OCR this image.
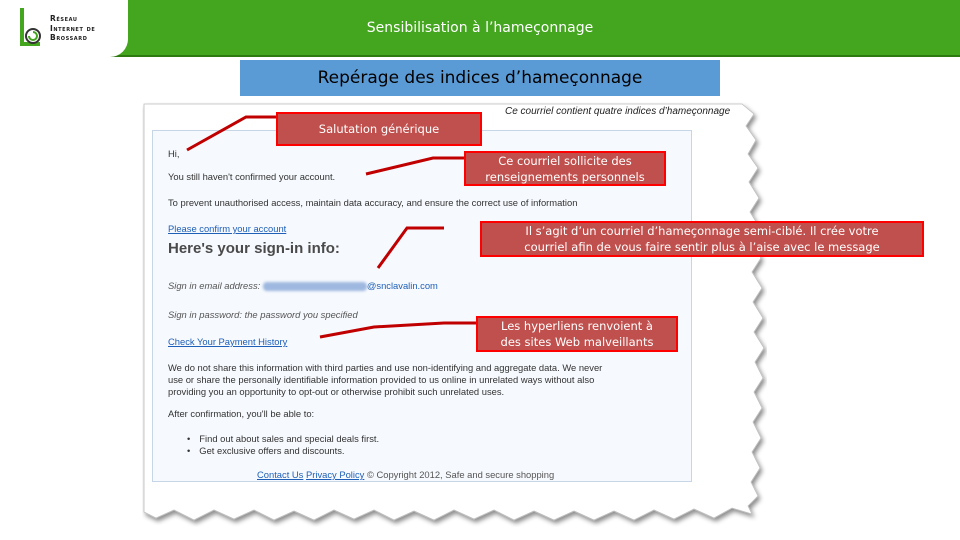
Réseau
Internet de
Brossard
Sensibilisation à l’hameçonnage
Repérage des indices d’hameçonnage
Ce courriel contient quatre indices d’hameçonnage
Hi,
You still haven't confirmed your account.
To prevent unauthorised access, maintain data accuracy, and ensure the correct use of information
Please confirm your account
Here's your sign-in info:
Sign in email address:	@snclavalin.com
Sign in password: the password you specified
Check Your Payment History
We do not share this information with third parties and use non-identifying and aggregate data. We never
use or share the personally identifiable information provided to us online in unrelated ways without also
providing you an opportunity to opt-out or otherwise prohibit such unrelated uses.
After confirmation, you'll be able to:
• Find out about sales and special deals first.
• Get exclusive offers and discounts.
Contact Us Privacy Policy © Copyright 2012, Safe and secure shopping
Salutation générique
Ce courriel sollicite des
renseignements personnels
Il s’agit d’un courriel d’hameçonnage semi-ciblé. Il crée votre
courriel afin de vous faire sentir plus à l’aise avec le message
Les hyperliens renvoient à
des sites Web malveillants
